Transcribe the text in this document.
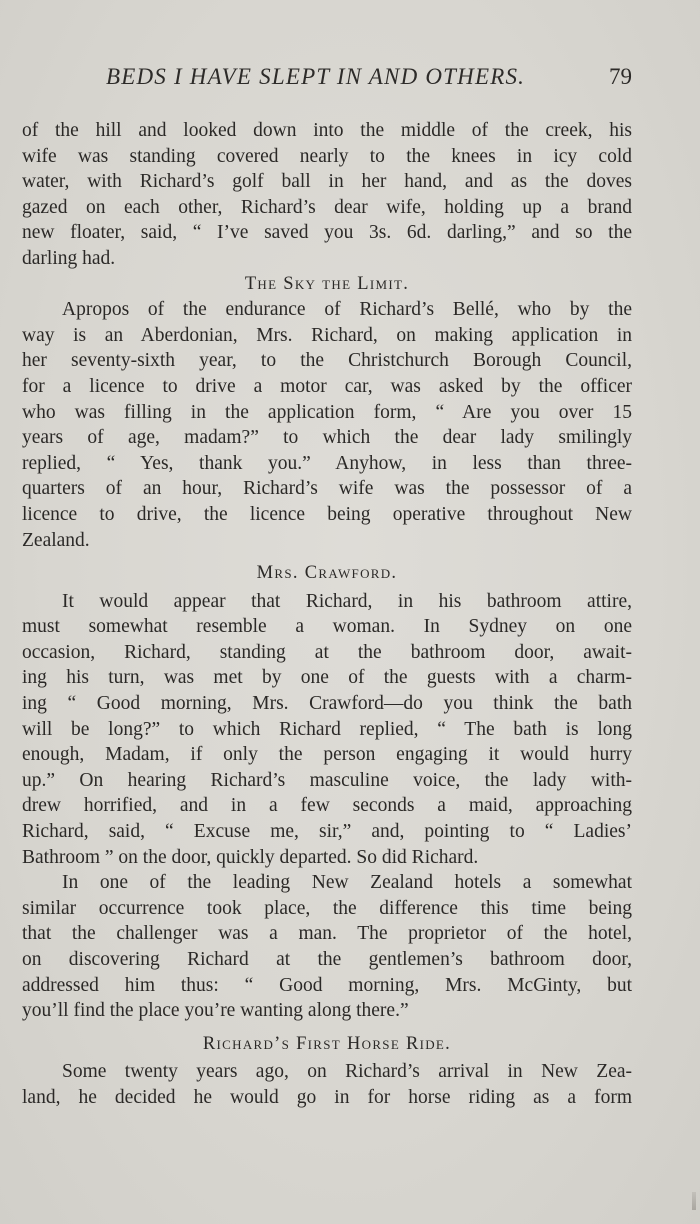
BEDS I HAVE SLEPT IN AND OTHERS.	79

of the hill and looked down into the middle of the creek, his

wife was standing covered nearly to the knees in icy cold

water, with Richard’s golf ball in her hand, and as the doves

gazed on each other, Richard’s dear wife, holding up a brand

new floater, said, “ I’ve saved you 3s. 6d. darling,” and so the

darling had.

The Sky the Limit.

Apropos of the endurance of Richard’s Bellé, who by the

way is an Aberdonian, Mrs. Richard, on making application in

her seventy-sixth year, to the Christchurch Borough Council,

for a licence to drive a motor car, was asked by the officer

who was filling in the application form, “ Are you over 15

years of age, madam?” to which the dear lady smilingly

replied, “ Yes, thank you.” Anyhow, in less than three-

quarters of an hour, Richard’s wife was the possessor of a

licence to drive, the licence being operative throughout New

Zealand.

Mrs. Crawford.

It would appear that Richard, in his bathroom attire,

must somewhat resemble a woman. In Sydney on one

occasion, Richard, standing at the bathroom door, await-

ing his turn, was met by one of the guests with a charm-

ing “ Good morning, Mrs. Crawford—do you think the bath

will be long?” to which Richard replied, “ The bath is long

enough, Madam, if only the person engaging it would hurry

up.” On hearing Richard’s masculine voice, the lady with-

drew horrified, and in a few seconds a maid, approaching

Richard, said, “ Excuse me, sir,” and, pointing to “ Ladies’

Bathroom ” on the door, quickly departed. So did Richard.

In one of the leading New Zealand hotels a somewhat

similar occurrence took place, the difference this time being

that the challenger was a man. The proprietor of the hotel,

on discovering Richard at the gentlemen’s bathroom door,

addressed him thus: “ Good morning, Mrs. McGinty, but

you’ll find the place you’re wanting along there.”

Richard’s First Horse Ride.

Some twenty years ago, on Richard’s arrival in New Zea-

land, he decided he would go in for horse riding as a form
